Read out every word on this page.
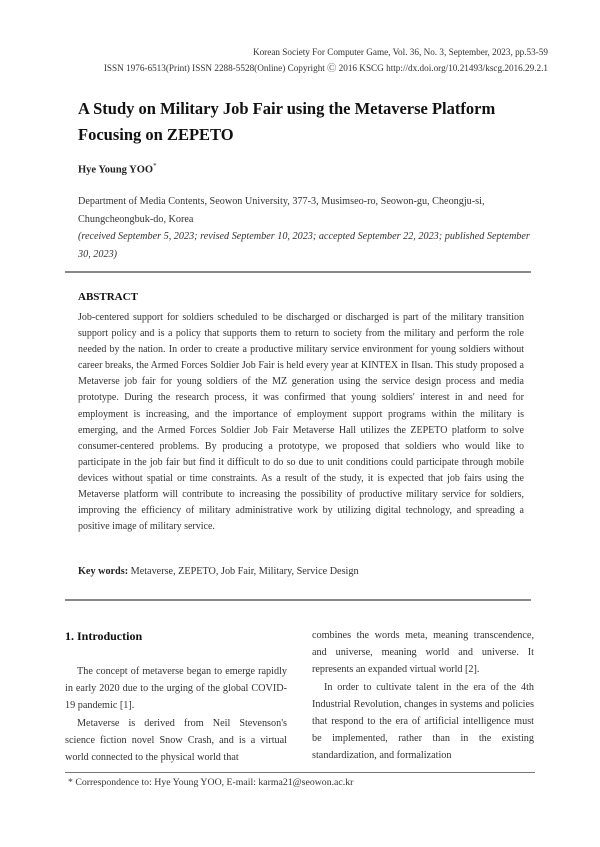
Korean Society For Computer Game, Vol. 36, No. 3, September, 2023, pp.53-59
ISSN 1976-6513(Print) ISSN 2288-5528(Online) Copyright Ⓒ 2016 KSCG http://dx.doi.org/10.21493/kscg.2016.29.2.1
A Study on Military Job Fair using the Metaverse Platform Focusing on ZEPETO
Hye Young YOO*
Department of Media Contents, Seowon University, 377-3, Musimseo-ro, Seowon-gu, Cheongju-si, Chungcheongbuk-do, Korea
(received September 5, 2023; revised September 10, 2023; accepted September 22, 2023; published September 30, 2023)
ABSTRACT
Job-centered support for soldiers scheduled to be discharged or discharged is part of the military transition support policy and is a policy that supports them to return to society from the military and perform the role needed by the nation. In order to create a productive military service environment for young soldiers without career breaks, the Armed Forces Soldier Job Fair is held every year at KINTEX in Ilsan. This study proposed a Metaverse job fair for young soldiers of the MZ generation using the service design process and media prototype. During the research process, it was confirmed that young soldiers' interest in and need for employment is increasing, and the importance of employment support programs within the military is emerging, and the Armed Forces Soldier Job Fair Metaverse Hall utilizes the ZEPETO platform to solve consumer-centered problems. By producing a prototype, we proposed that soldiers who would like to participate in the job fair but find it difficult to do so due to unit conditions could participate through mobile devices without spatial or time constraints. As a result of the study, it is expected that job fairs using the Metaverse platform will contribute to increasing the possibility of productive military service for soldiers, improving the efficiency of military administrative work by utilizing digital technology, and spreading a positive image of military service.
Key words: Metaverse, ZEPETO, Job Fair, Military, Service Design
1. Introduction

The concept of metaverse began to emerge rapidly in early 2020 due to the urging of the global COVID-19 pandemic [1].

Metaverse is derived from Neil Stevenson's science fiction novel Snow Crash, and is a virtual world connected to the physical world that

combines the words meta, meaning transcendence, and universe, meaning world and universe. It represents an expanded virtual world [2].

In order to cultivate talent in the era of the 4th Industrial Revolution, changes in systems and policies that respond to the era of artificial intelligence must be implemented, rather than in the existing standardization, and formalization

* Correspondence to: Hye Young YOO, E-mail: karma21@seowon.ac.kr
